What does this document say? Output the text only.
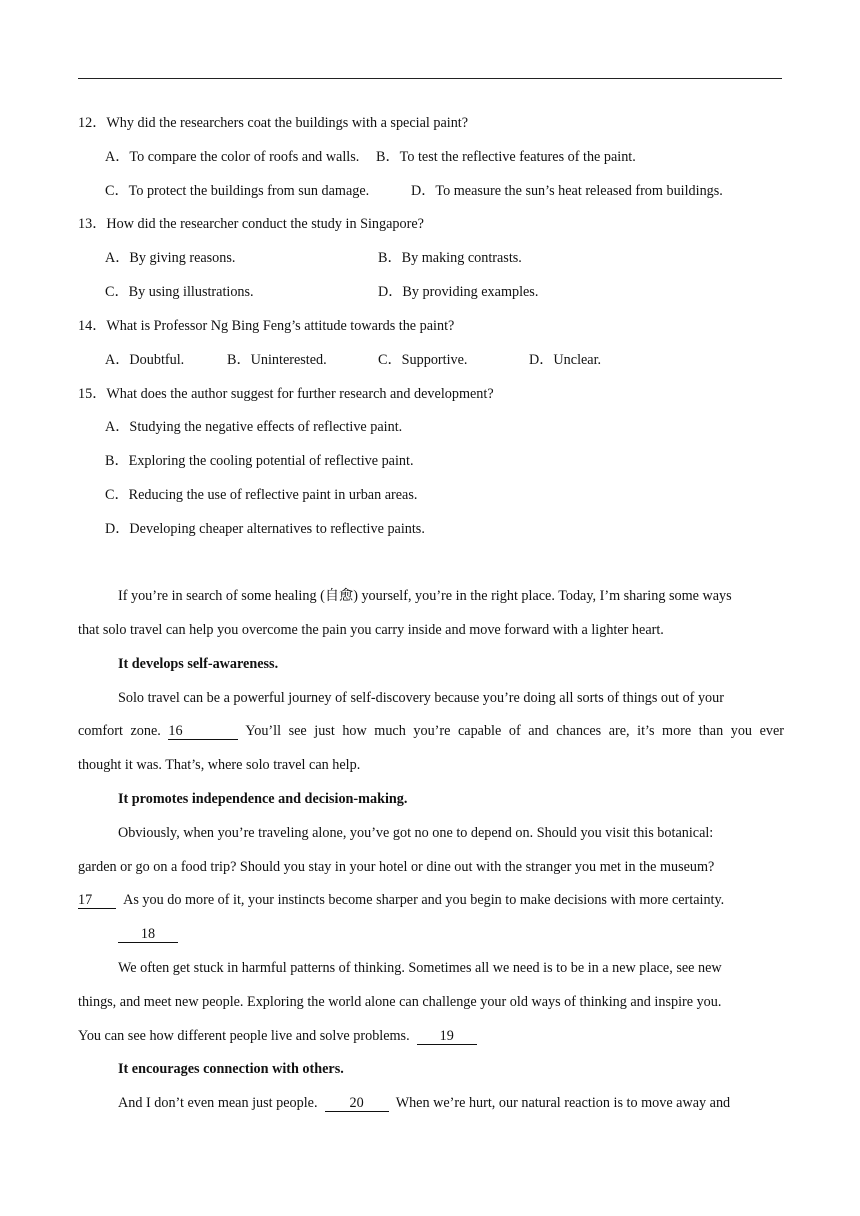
12．Why did the researchers coat the buildings with a special paint?
A．To compare the color of roofs and walls. B．To test the reflective features of the paint.
C．To protect the buildings from sun damage.	D．To measure the sun’s heat released from buildings.
13．How did the researcher conduct the study in Singapore?
A．By giving reasons.	B．By making contrasts.
C．By using illustrations.	D．By providing examples.
14．What is Professor Ng Bing Feng’s attitude towards the paint?
A．Doubtful.	B．Uninterested.	C．Supportive.	D．Unclear.
15．What does the author suggest for further research and development?
A．Studying the negative effects of reflective paint.
B．Exploring the cooling potential of reflective paint.
C．Reducing the use of reflective paint in urban areas.
D．Developing cheaper alternatives to reflective paints.
If you’re in search of some healing (自愈) yourself, you’re in the right place. Today, I’m sharing some ways
that solo travel can help you overcome the pain you carry inside and move forward with a lighter heart.
It develops self-awareness.
Solo travel can be a powerful journey of self-discovery because you’re doing all sorts of things out of your
comfort zone. 16	You’ll see just how much you’re capable of and chances are, it’s more than you ever
thought it was. That’s, where solo travel can help.
It promotes independence and decision-making.
Obviously, when you’re traveling alone, you’ve got no one to depend on. Should you visit this botanical:
garden or go on a food trip? Should you stay in your hotel or dine out with the stranger you met in the museum?
17 As you do more of it, your instincts become sharper and you begin to make decisions with more certainty.
18
We often get stuck in harmful patterns of thinking. Sometimes all we need is to be in a new place, see new
things, and meet new people. Exploring the world alone can challenge your old ways of thinking and inspire you.
You can see how different people live and solve problems. 19
It encourages connection with others.
And I don’t even mean just people. 20 When we’re hurt, our natural reaction is to move away and
